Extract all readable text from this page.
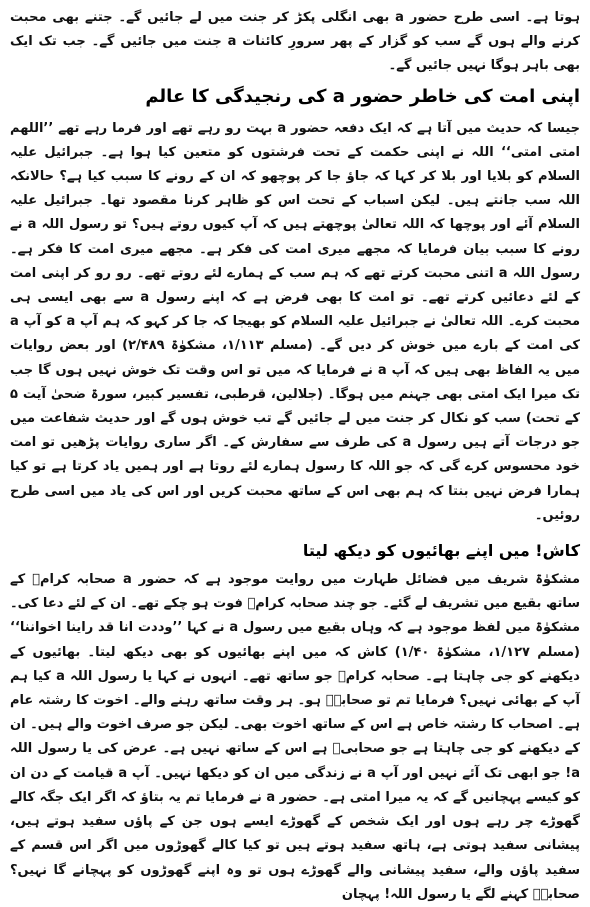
ہوتا ہے۔ اسی طرح حضور a بھی انگلی پکڑ کر جنت میں لے جائیں گے۔ جتنے بھی محبت کرنے والے ہوں گے سب کو گزار کے پھر سرورِ کائنات a جنت میں جائیں گے۔ جب تک ایک بھی باہر ہوگا نہیں جائیں گے۔

اپنی امت کی خاطر حضور a کی رنجیدگی کا عالم

جیسا کہ حدیث میں آتا ہے کہ ایک دفعہ حضور a بہت رو رہے تھے اور فرما رہے تھے ’’اللھم امتی امتی‘‘ اللہ نے اپنی حکمت کے تحت فرشتوں کو متعین کیا ہوا ہے۔ جبرائیل علیہ السلام کو بلایا اور بلا کر کہا کہ جاؤ جا کر پوچھو کہ ان کے رونے کا سبب کیا ہے؟ حالانکہ اللہ سب جانتے ہیں۔ لیکن اسباب کے تحت اس کو ظاہر کرنا مقصود تھا۔ جبرائیل علیہ السلام آئے اور پوچھا کہ اللہ تعالیٰ پوچھتے ہیں کہ آپ کیوں روتے ہیں؟ تو رسول اللہ a نے رونے کا سبب بیان فرمایا کہ مجھے میری امت کی فکر ہے۔ مجھے میری امت کا فکر ہے۔ رسول اللہ a اتنی محبت کرتے تھے کہ ہم سب کے ہمارے لئے روتے تھے۔ رو رو کر اپنی امت کے لئے دعائیں کرتے تھے۔ تو امت کا بھی فرض ہے کہ اپنے رسول a سے بھی ایسی ہی محبت کرے۔ اللہ تعالیٰ نے جبرائیل علیہ السلام کو بھیجا کہ جا کر کہو کہ ہم آپ a کو آپ a کی امت کے بارے میں خوش کر دیں گے۔ (مسلم ۱/۱۱۳، مشکوٰۃ ۲/۴۸۹) اور بعض روایات میں یہ الفاظ بھی ہیں کہ آپ a نے فرمایا کہ میں تو اس وقت تک خوش نہیں ہوں گا جب تک میرا ایک امتی بھی جہنم میں ہوگا۔ (جلالین، قرطبی، تفسیر کبیر، سورۃ ضحیٰ آیت ۵ کے تحت) سب کو نکال کر جنت میں لے جائیں گے تب خوش ہوں گے اور حدیث شفاعت میں جو درجات آتے ہیں رسول a کی طرف سے سفارش کے۔ اگر ساری روایات پڑھیں تو امت خود محسوس کرے گی کہ جو اللہ کا رسول ہمارے لئے روتا ہے اور ہمیں یاد کرتا ہے تو کیا ہمارا فرض نہیں بنتا کہ ہم بھی اس کے ساتھ محبت کریں اور اس کی یاد میں اسی طرح روئیں۔

کاش! میں اپنے بھائیوں کو دیکھ لیتا

مشکوٰۃ شریف میں فضائل طہارت میں روایت موجود ہے کہ حضور a صحابہ کرامؓ کے ساتھ بقیع میں تشریف لے گئے۔ جو چند صحابہ کرامؓ فوت ہو چکے تھے۔ ان کے لئے دعا کی۔ مشکوٰۃ میں لفظ موجود ہے کہ وہاں بقیع میں رسول a نے کہا ’’وددت انا قد راینا اخواننا‘‘ (مسلم ۱/۱۲۷، مشکوٰۃ ۱/۴۰) کاش کہ میں اپنے بھائیوں کو بھی دیکھ لیتا۔ بھائیوں کے دیکھنے کو جی چاہتا ہے۔ صحابہ کرامؓ جو ساتھ تھے۔ انہوں نے کہا یا رسول اللہ a کیا ہم آپ کے بھائی نہیں؟ فرمایا تم تو صحابہؓ ہو۔ ہر وقت ساتھ رہنے والے۔ اخوت کا رشتہ عام ہے۔ اصحاب کا رشتہ خاص ہے اس کے ساتھ اخوت بھی۔ لیکن جو صرف اخوت والے ہیں۔ ان کے دیکھنے کو جی چاہتا ہے جو صحابیؓ ہے اس کے ساتھ نہیں ہے۔ عرض کی یا رسول اللہ a! جو ابھی تک آئے نہیں اور آپ a نے زندگی میں ان کو دیکھا نہیں۔ آپ a قیامت کے دن ان کو کیسے پہچانیں گے کہ یہ میرا امتی ہے۔ حضور a نے فرمایا تم یہ بتاؤ کہ اگر ایک جگہ کالے گھوڑے چر رہے ہوں اور ایک شخص کے گھوڑے ایسے ہوں جن کے پاؤں سفید ہوتے ہیں، پیشانی سفید ہوتی ہے، ہاتھ سفید ہوتے ہیں تو کیا کالے گھوڑوں میں اگر اس قسم کے سفید پاؤں والے، سفید پیشانی والے گھوڑے ہوں تو وہ اپنے گھوڑوں کو پہچانے گا نہیں؟ صحابہؓ کہنے لگے یا رسول اللہ! پہچان
